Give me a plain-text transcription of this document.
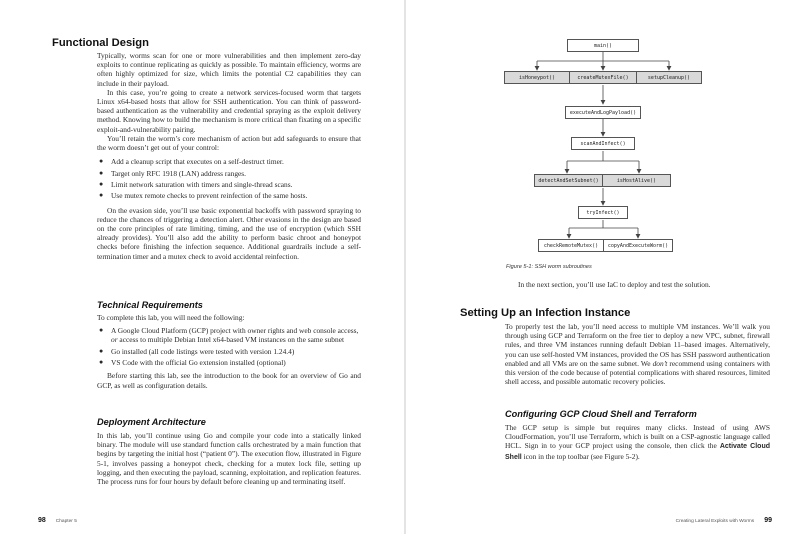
Functional Design

Typically, worms scan for one or more vulnerabilities and then implement zero-day exploits to continue replicating as quickly as possible. To maintain efficiency, worms are often highly optimized for size, which limits the potential C2 capabilities they can include in their payload.

In this case, you’re going to create a network services-focused worm that targets Linux x64-based hosts that allow for SSH authentication. You can think of password-based authentication as the vulnerability and credential spraying as the exploit delivery method. Knowing how to build the mechanism is more critical than fixating on a specific exploit-and-vulnerability pairing.

You’ll retain the worm’s core mechanism of action but add safeguards to ensure that the worm doesn’t get out of your control:

● Add a cleanup script that executes on a self-destruct timer.
● Target only RFC 1918 (LAN) address ranges.
● Limit network saturation with timers and single-thread scans.
● Use mutex remote checks to prevent reinfection of the same hosts.

On the evasion side, you’ll use basic exponential backoffs with password spraying to reduce the chances of triggering a detection alert. Other evasions in the design are based on the core principles of rate limiting, timing, and the use of encryption (which SSH already provides). You’ll also add the ability to perform basic chroot and honeypot checks before finishing the infection sequence. Additional guardrails include a self-termination timer and a mutex check to avoid accidental reinfection.

Technical Requirements

To complete this lab, you will need the following:

● A Google Cloud Platform (GCP) project with owner rights and web console access, or access to multiple Debian Intel x64-based VM instances on the same subnet
● Go installed (all code listings were tested with version 1.24.4)
● VS Code with the official Go extension installed (optional)

Before starting this lab, see the introduction to the book for an overview of Go and GCP, as well as configuration details.

Deployment Architecture

In this lab, you’ll continue using Go and compile your code into a statically linked binary. The module will use standard function calls orchestrated by a main function that begins by targeting the initial host (“patient 0”). The execution flow, illustrated in Figure 5-1, involves passing a honeypot check, checking for a mutex lock file, setting up logging, and then executing the payload, scanning, exploitation, and replication features. The process runs for four hours by default before cleaning up and terminating itself.

98 Chapter 5
main()
isHoneypot()	createMutexFile()	setupCleanup()
executeAndLogPayload()
scanAndInfect()
detectAndSetSubnet()	isHostAlive()
tryInfect()
checkRemoteMutex()	copyAndExecuteWorm()
Figure 5-1: SSH worm subroutines
In the next section, you’ll use IaC to deploy and test the solution.
Setting Up an Infection Instance

To properly test the lab, you’ll need access to multiple VM instances. We’ll walk you through using GCP and Terraform on the free tier to deploy a new VPC, subnet, firewall rules, and three VM instances running default Debian 11–based images. Alternatively, you can use self-hosted VM instances, provided the OS has SSH password authentication enabled and all VMs are on the same subnet. We don’t recommend using containers with this version of the code because of potential complications with shared resources, limited shell access, and possible automatic recovery policies.

Configuring GCP Cloud Shell and Terraform

The GCP setup is simple but requires many clicks. Instead of using AWS CloudFormation, you’ll use Terraform, which is built on a CSP-agnostic language called HCL. Sign in to your GCP project using the console, then click the Activate Cloud Shell icon in the top toolbar (see Figure 5-2).

Creating Lateral Exploits with Worms 99
